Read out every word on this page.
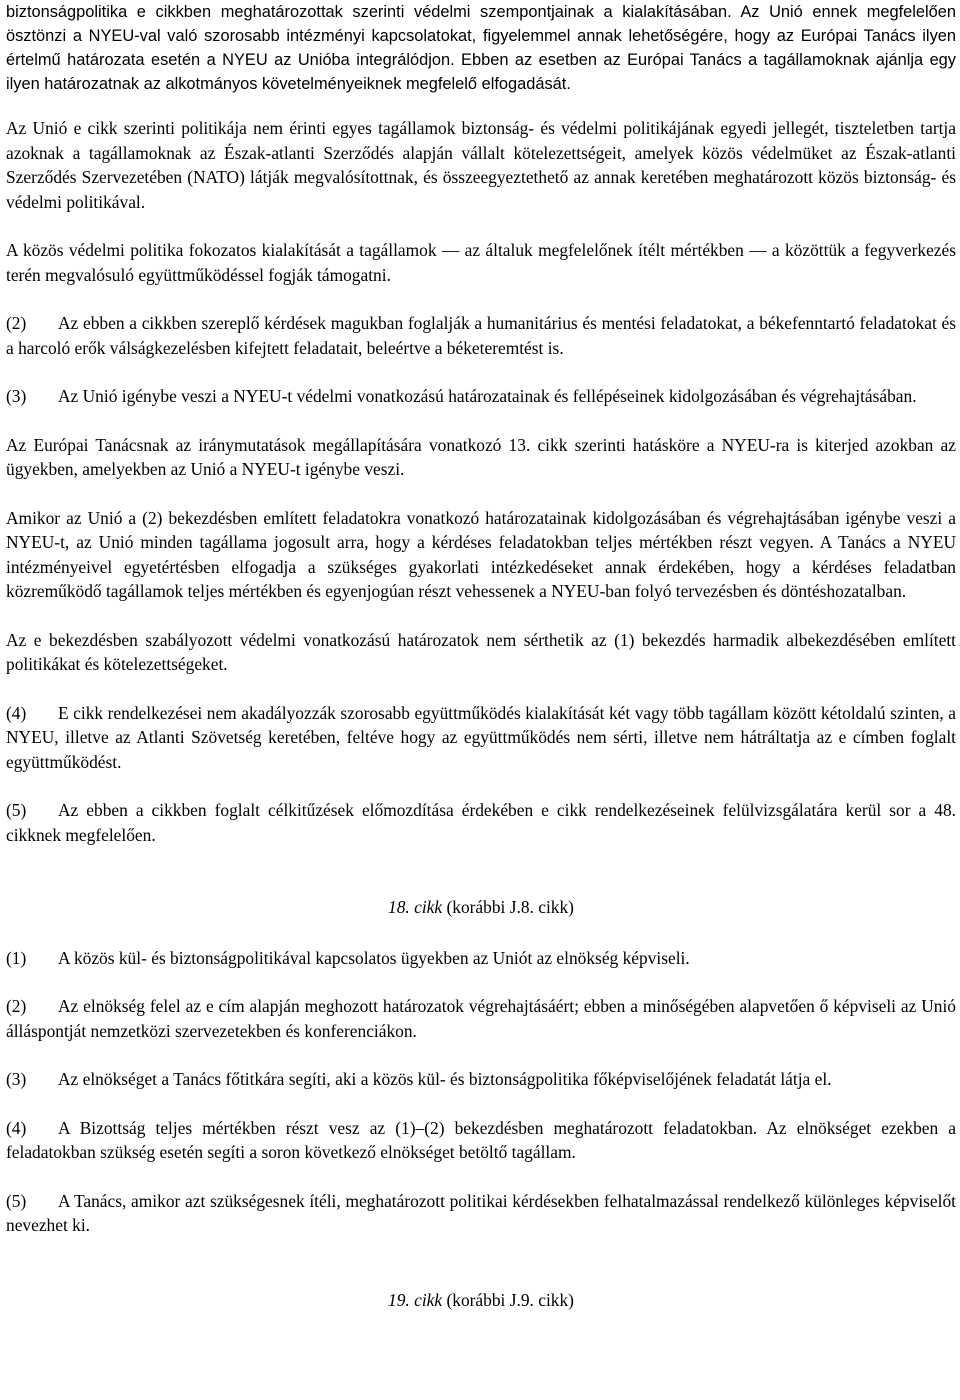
biztonságpolitika e cikkben meghatározottak szerinti védelmi szempontjainak a kialakításában. Az Unió ennek megfelelően ösztönzi a NYEU-val való szorosabb intézményi kapcsolatokat, figyelemmel annak lehetőségére, hogy az Európai Tanács ilyen értelmű határozata esetén a NYEU az Unióba integrálódjon. Ebben az esetben az Európai Tanács a tagállamoknak ajánlja egy ilyen határozatnak az alkotmányos követelményeiknek megfelelő elfogadását.

Az Unió e cikk szerinti politikája nem érinti egyes tagállamok biztonság- és védelmi politikájának egyedi jellegét, tiszteletben tartja azoknak a tagállamoknak az Észak-atlanti Szerződés alapján vállalt kötelezettségeit, amelyek közös védelmüket az Észak-atlanti Szerződés Szervezetében (NATO) látják megvalósítottnak, és összeegyeztethető az annak keretében meghatározott közös biztonság- és védelmi politikával.

A közös védelmi politika fokozatos kialakítását a tagállamok — az általuk megfelelőnek ítélt mértékben — a közöttük a fegyverkezés terén megvalósuló együttműködéssel fogják támogatni.

(2) Az ebben a cikkben szereplő kérdések magukban foglalják a humanitárius és mentési feladatokat, a békefenntartó feladatokat és a harcoló erők válságkezelésben kifejtett feladatait, beleértve a béketeremtést is.

(3) Az Unió igénybe veszi a NYEU-t védelmi vonatkozású határozatainak és fellépéseinek kidolgozásában és végrehajtásában.

Az Európai Tanácsnak az iránymutatások megállapítására vonatkozó 13. cikk szerinti hatásköre a NYEU-ra is kiterjed azokban az ügyekben, amelyekben az Unió a NYEU-t igénybe veszi.

Amikor az Unió a (2) bekezdésben említett feladatokra vonatkozó határozatainak kidolgozásában és végrehajtásában igénybe veszi a NYEU-t, az Unió minden tagállama jogosult arra, hogy a kérdéses feladatokban teljes mértékben részt vegyen. A Tanács a NYEU intézményeivel egyetértésben elfogadja a szükséges gyakorlati intézkedéseket annak érdekében, hogy a kérdéses feladatban közreműködő tagállamok teljes mértékben és egyenjogúan részt vehessenek a NYEU-ban folyó tervezésben és döntéshozatalban.

Az e bekezdésben szabályozott védelmi vonatkozású határozatok nem sérthetik az (1) bekezdés harmadik albekezdésében említett politikákat és kötelezettségeket.

(4) E cikk rendelkezései nem akadályozzák szorosabb együttműködés kialakítását két vagy több tagállam között kétoldalú szinten, a NYEU, illetve az Atlanti Szövetség keretében, feltéve hogy az együttműködés nem sérti, illetve nem hátráltatja az e címben foglalt együttműködést.

(5) Az ebben a cikkben foglalt célkitűzések előmozdítása érdekében e cikk rendelkezéseinek felülvizsgálatára kerül sor a 48. cikknek megfelelően.

18. cikk (korábbi J.8. cikk)

(1) A közös kül- és biztonságpolitikával kapcsolatos ügyekben az Uniót az elnökség képviseli.

(2) Az elnökség felel az e cím alapján meghozott határozatok végrehajtásáért; ebben a minőségében alapvetően ő képviseli az Unió álláspontját nemzetközi szervezetekben és konferenciákon.

(3) Az elnökséget a Tanács főtitkára segíti, aki a közös kül- és biztonságpolitika főképviselőjének feladatát látja el.

(4) A Bizottság teljes mértékben részt vesz az (1)–(2) bekezdésben meghatározott feladatokban. Az elnökséget ezekben a feladatokban szükség esetén segíti a soron következő elnökséget betöltő tagállam.

(5) A Tanács, amikor azt szükségesnek ítéli, meghatározott politikai kérdésekben felhatalmazással rendelkező különleges képviselőt nevezhet ki.

19. cikk (korábbi J.9. cikk)
